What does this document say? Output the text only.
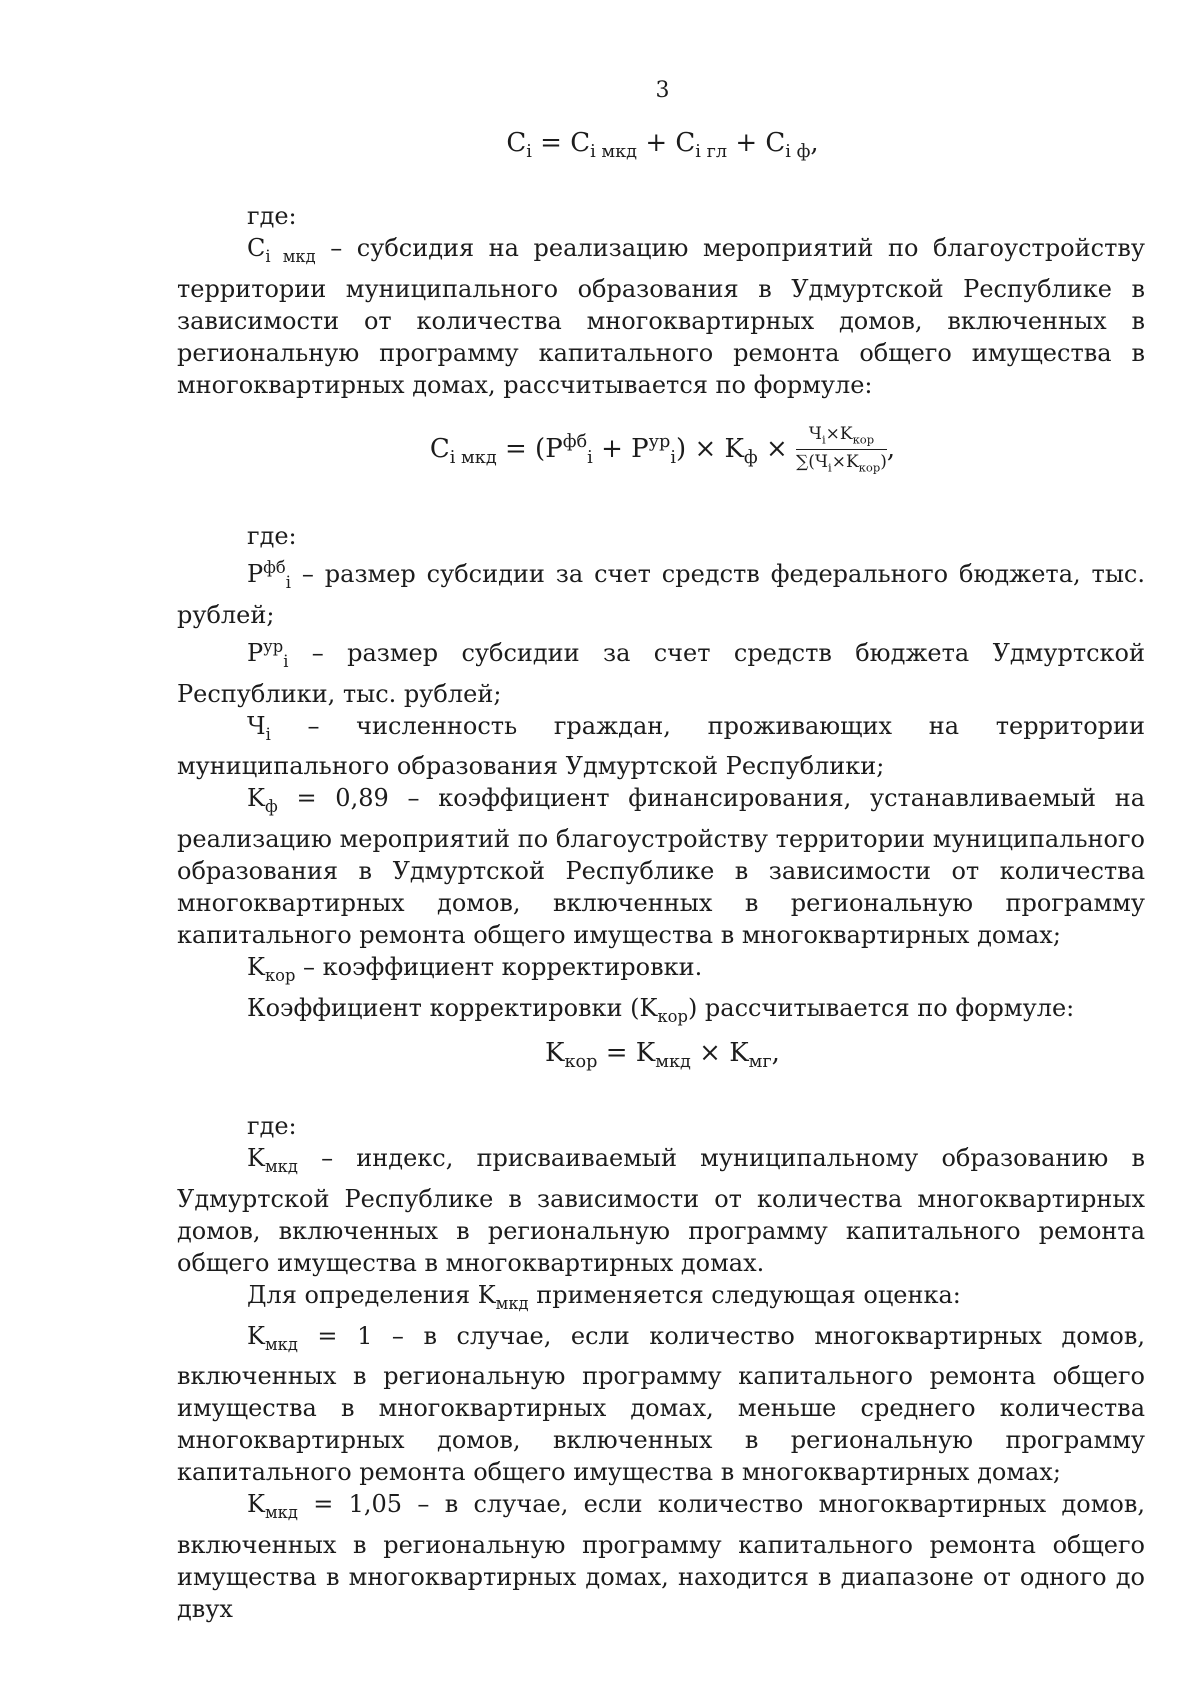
3
$C_i = C_{i мкд} + C_{i гл} + C_{i ф}$,

где:

$C_{i мкд}$ – субсидия на реализацию мероприятий по благоустройству территории муниципального образования в Удмуртской Республике в зависимости от количества многоквартирных домов, включенных в региональную программу капитального ремонта общего имущества в многоквартирных домах, рассчитывается по формуле:

$C_{i мкд} = (P^{фб}_i + P^{ур}_i) \times K_ф \times \frac{Ч_i\times K_{кор}}{\sum(Ч_i\times K_{кор})}$ ,

где:

$P^{фб}_i$ – размер субсидии за счет средств федерального бюджета, тыс. рублей;

$P^{ур}_i$ – размер субсидии за счет средств бюджета Удмуртской Республики, тыс. рублей;

$Ч_i$ – численность граждан, проживающих на территории муниципального образования Удмуртской Республики;

$K_ф = 0,89$ – коэффициент финансирования, устанавливаемый на реализацию мероприятий по благоустройству территории муниципального образования в Удмуртской Республике в зависимости от количества многоквартирных домов, включенных в региональную программу капитального ремонта общего имущества в многоквартирных домах;

$K_{кор}$ – коэффициент корректировки.

Коэффициент корректировки $(K_{кор})$ рассчитывается по формуле:

$K_{кор} = K_{мкд} \times K_{мг}$,

где:

$K_{мкд}$ – индекс, присваиваемый муниципальному образованию в Удмуртской Республике в зависимости от количества многоквартирных домов, включенных в региональную программу капитального ремонта общего имущества в многоквартирных домах.

Для определения $K_{мкд}$ применяется следующая оценка:

$K_{мкд} = 1 - в$ случае, если количество многоквартирных домов, включенных в региональную программу капитального ремонта общего имущества в многоквартирных домах, меньше среднего количества многоквартирных домов, включенных в региональную программу капитального ремонта общего имущества в многоквартирных домах;

$K_{мкд} = 1,05 - в$ случае, если количество многоквартирных домов, включенных в региональную программу капитального ремонта общего имущества в многоквартирных домах, находится в диапазоне от одного до двух
